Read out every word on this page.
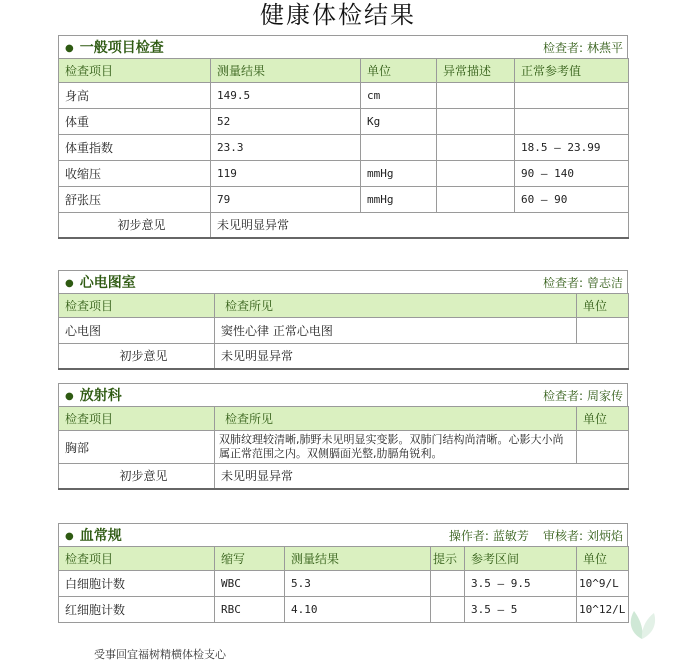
健康体检结果
● 一般项目检查	检查者: 林燕平
检查项目	测量结果	单位	异常描述	正常参考值
身高	149.5	cm		
体重	52	Kg		
体重指数	23.3			18.5 — 23.99
收缩压	119	mmHg		90 — 140
舒张压	79	mmHg		60 — 90
初步意见	未见明显异常			
● 心电图室	检查者: 曾志洁
检查项目	检查所见	单位
心电图	窦性心律 正常心电图	
初步意见	未见明显异常	
● 放射科	检查者: 周家传
检查项目	检查所见	单位
胸部	双肺纹理较清晰,肺野未见明显实变影。双肺门结构尚清晰。心影大小尚属正常范围之内。双侧膈面光整,肋膈角锐利。	
初步意见	未见明显异常	
● 血常规	操作者: 蓝敏芳 审核者: 刘炳焰
检查项目	缩写	测量结果	提示	参考区间	单位
白细胞计数	WBC	5.3		3.5 — 9.5	10^9/L
红细胞计数	RBC	4.10		3.5 — 5	10^12/L
受事回宜福树精横体检支心
